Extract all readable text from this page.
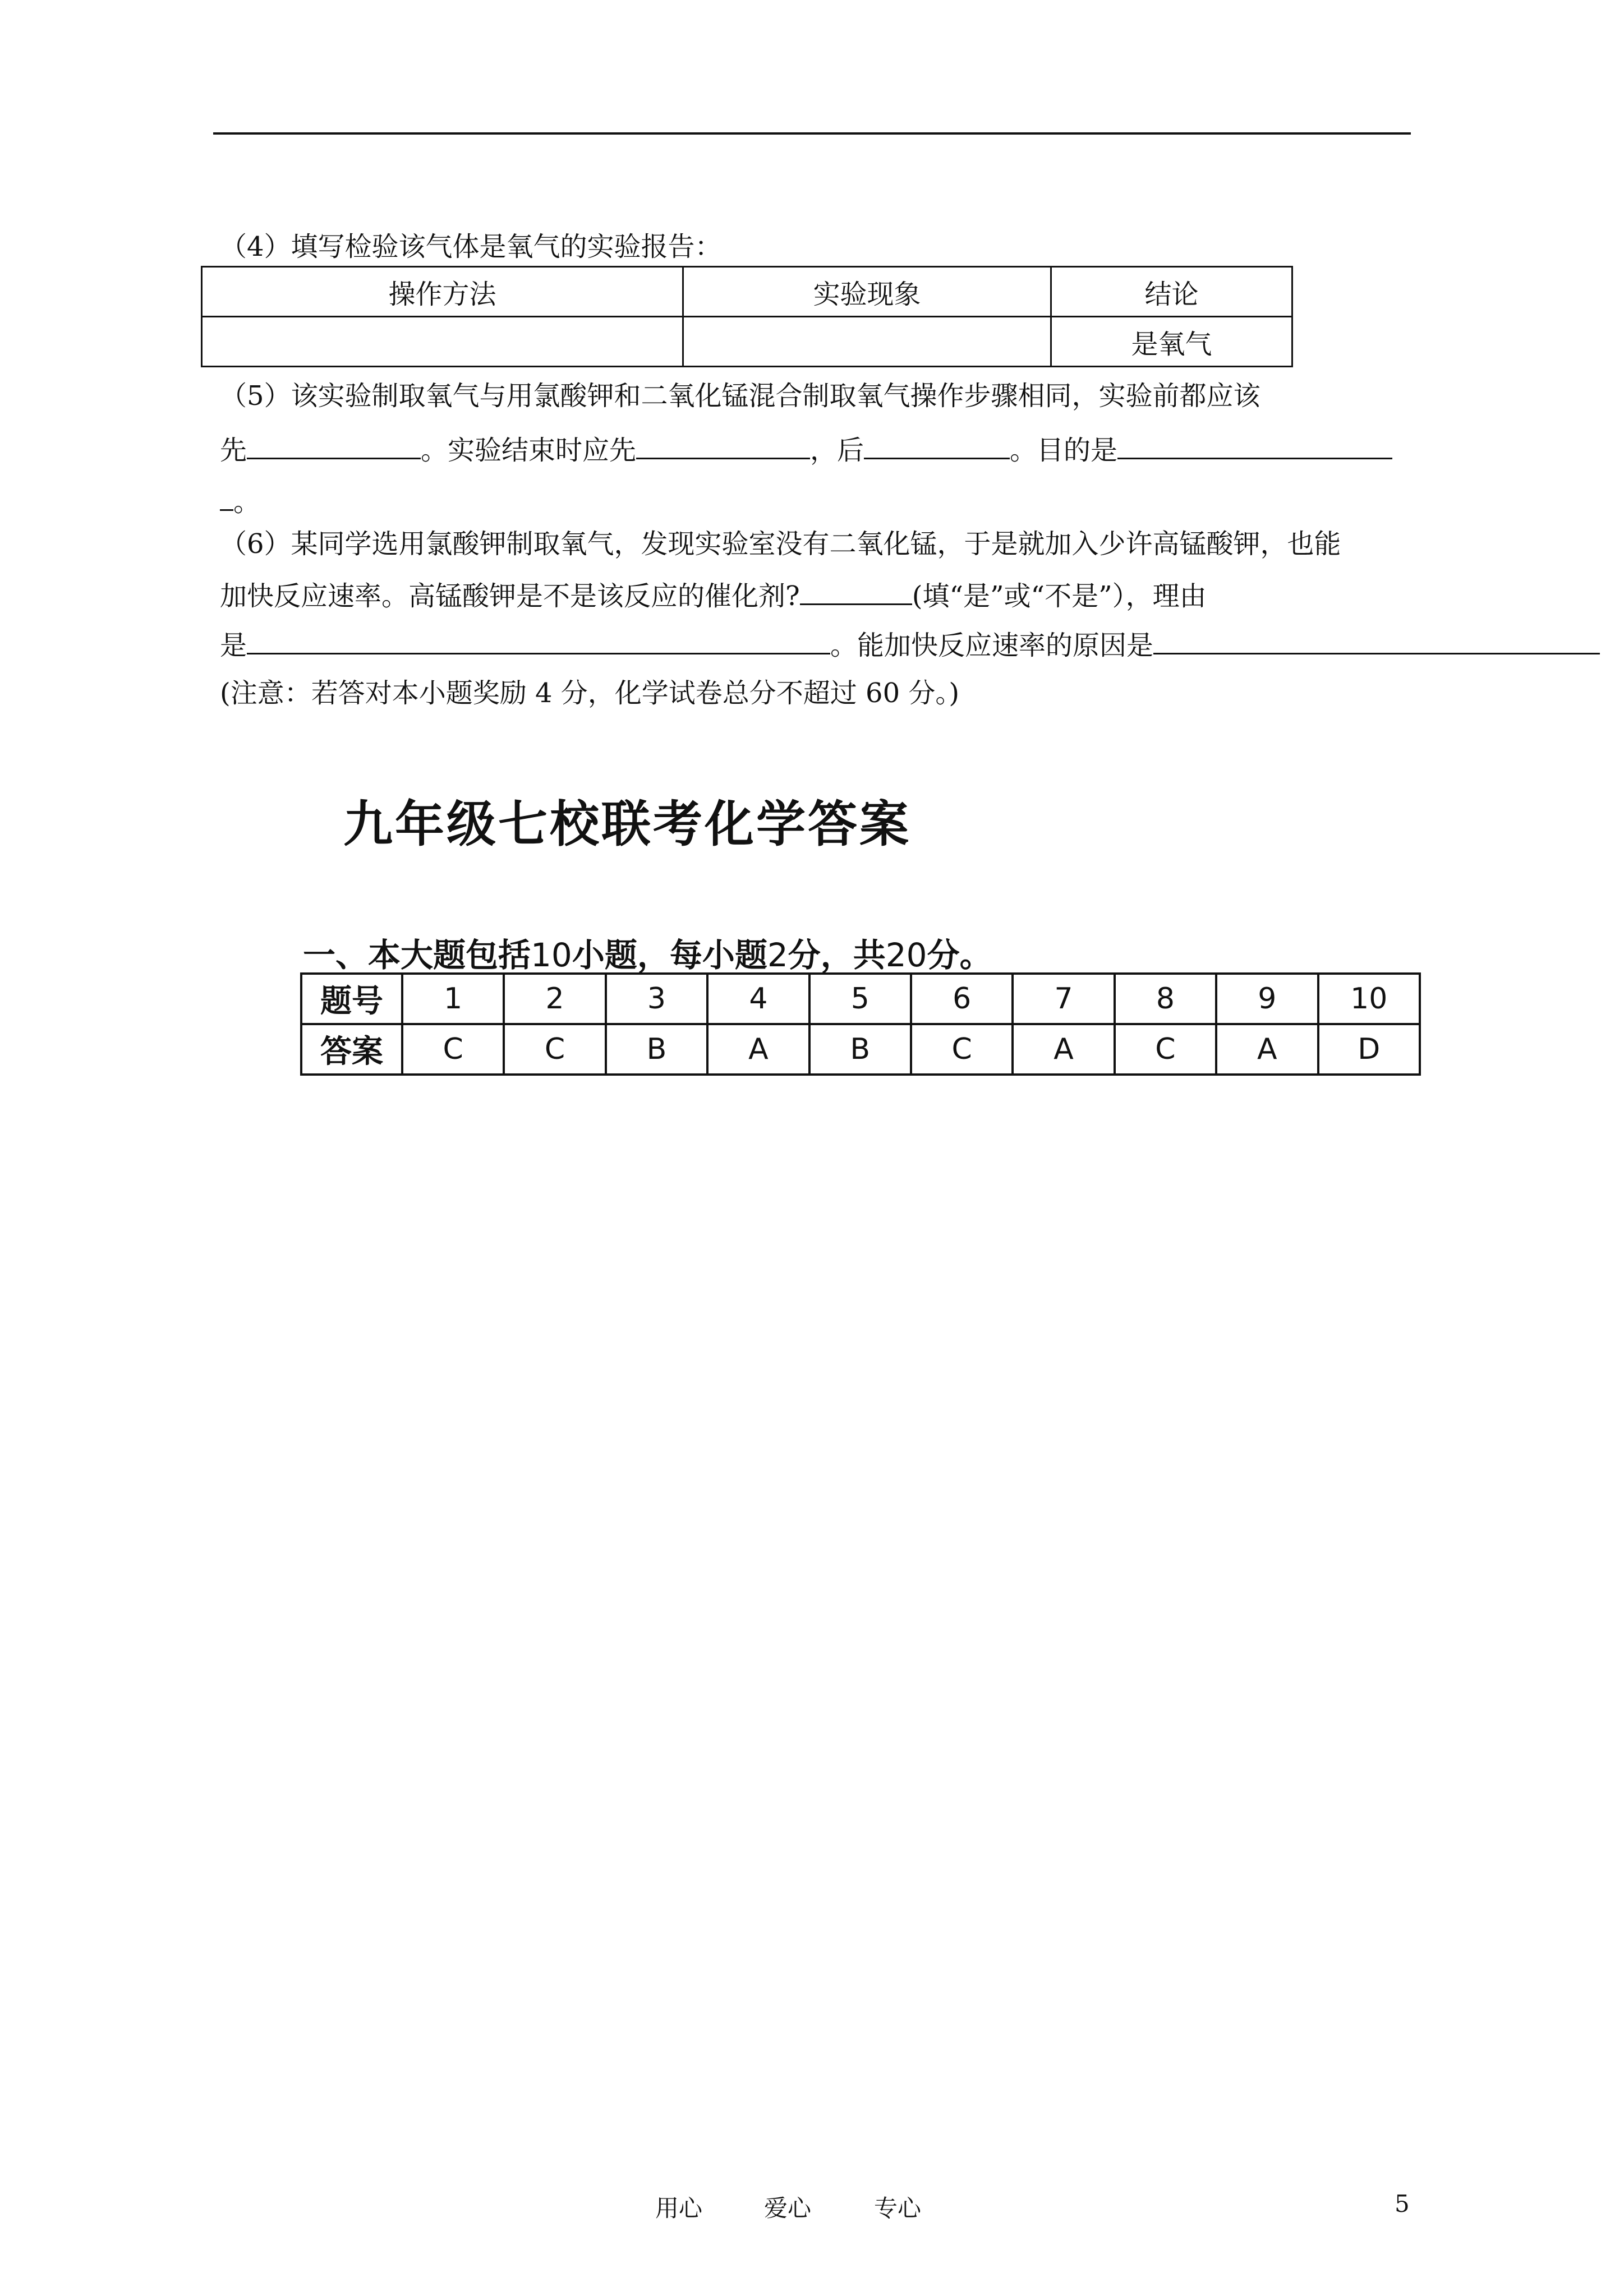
（4）填写检验该气体是氧气的实验报告：
操作方法	实验现象	结论
		是氧气
（5）该实验制取氧气与用氯酸钾和二氧化锰混合制取氧气操作步骤相同，实验前都应该
先	。实验结束时应先	，后	。目的是
。
（6）某同学选用氯酸钾制取氧气，发现实验室没有二氧化锰，于是就加入少许高锰酸钾，也能
加快反应速率。高锰酸钾是不是该反应的催化剂?	(填“是”或“不是”），理由
是	。能加快反应速率的原因是
(注意：若答对本小题奖励 4 分，化学试卷总分不超过 60 分。)
九年级七校联考化学答案
一、本大题包括10小题，每小题2分，共20分。
题号	1	2	3	4	5	6	7	8	9	10
答案	C	C	B	A	B	C	A	C	A	D
用心	爱心	专心	5
